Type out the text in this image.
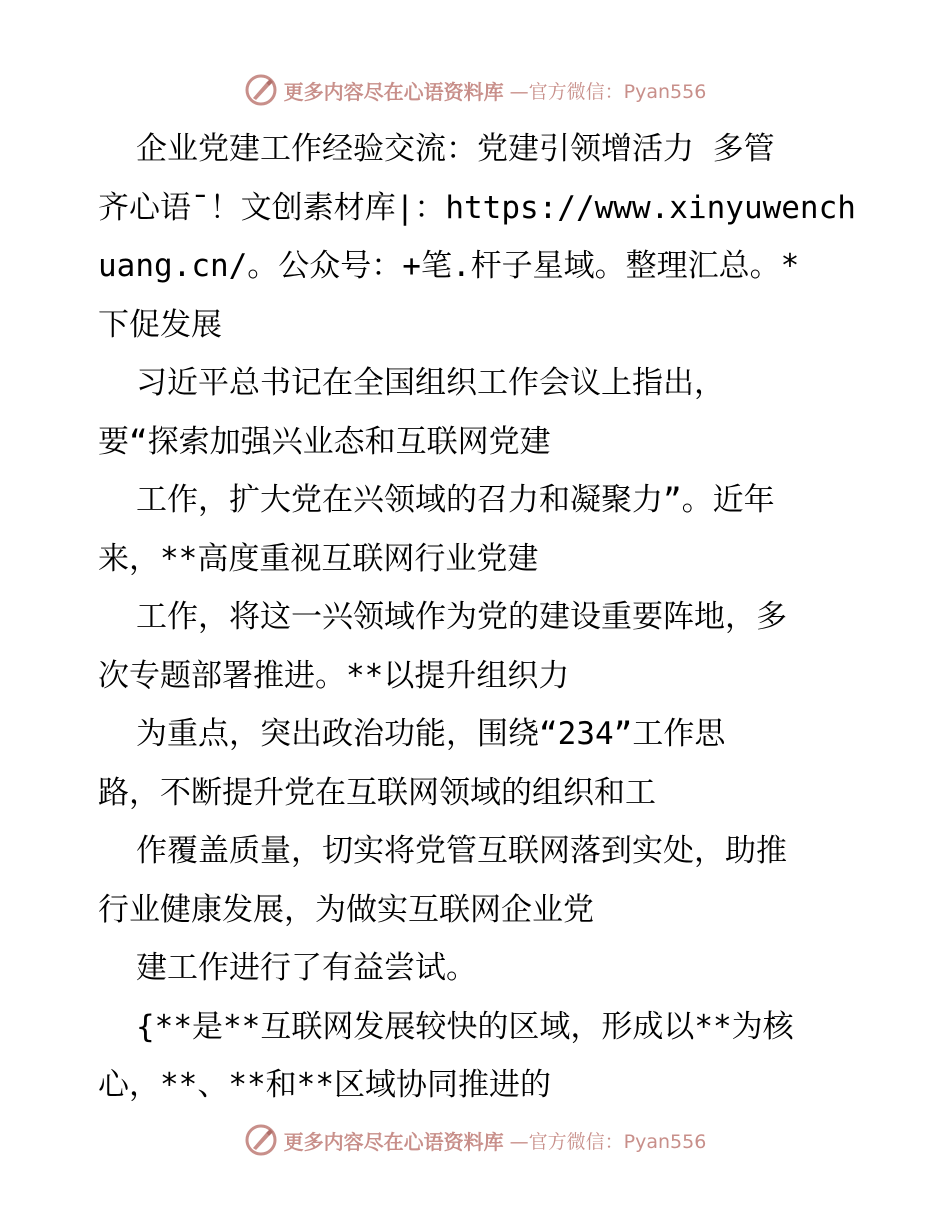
更多内容尽在心语资料库 —官方微信：Pyan556
企业党建工作经验交流：党建引领增活力 多管
齐心语¯！文创素材库|：https://www.xinyuwench
uang.cn/。公众号：+笔.杆子星域。整理汇总。*
下促发展
习近平总书记在全国组织工作会议上指出，
要“探索加强兴业态和互联网党建
工作，扩大党在兴领域的召力和凝聚力”。近年
来，**高度重视互联网行业党建
工作，将这一兴领域作为党的建设重要阵地，多
次专题部署推进。**以提升组织力
为重点，突出政治功能，围绕“234”工作思
路，不断提升党在互联网领域的组织和工
作覆盖质量，切实将党管互联网落到实处，助推
行业健康发展，为做实互联网企业党
建工作进行了有益尝试。
{**是**互联网发展较快的区域，形成以**为核
心，**、**和**区域协同推进的
更多内容尽在心语资料库 —官方微信：Pyan556
